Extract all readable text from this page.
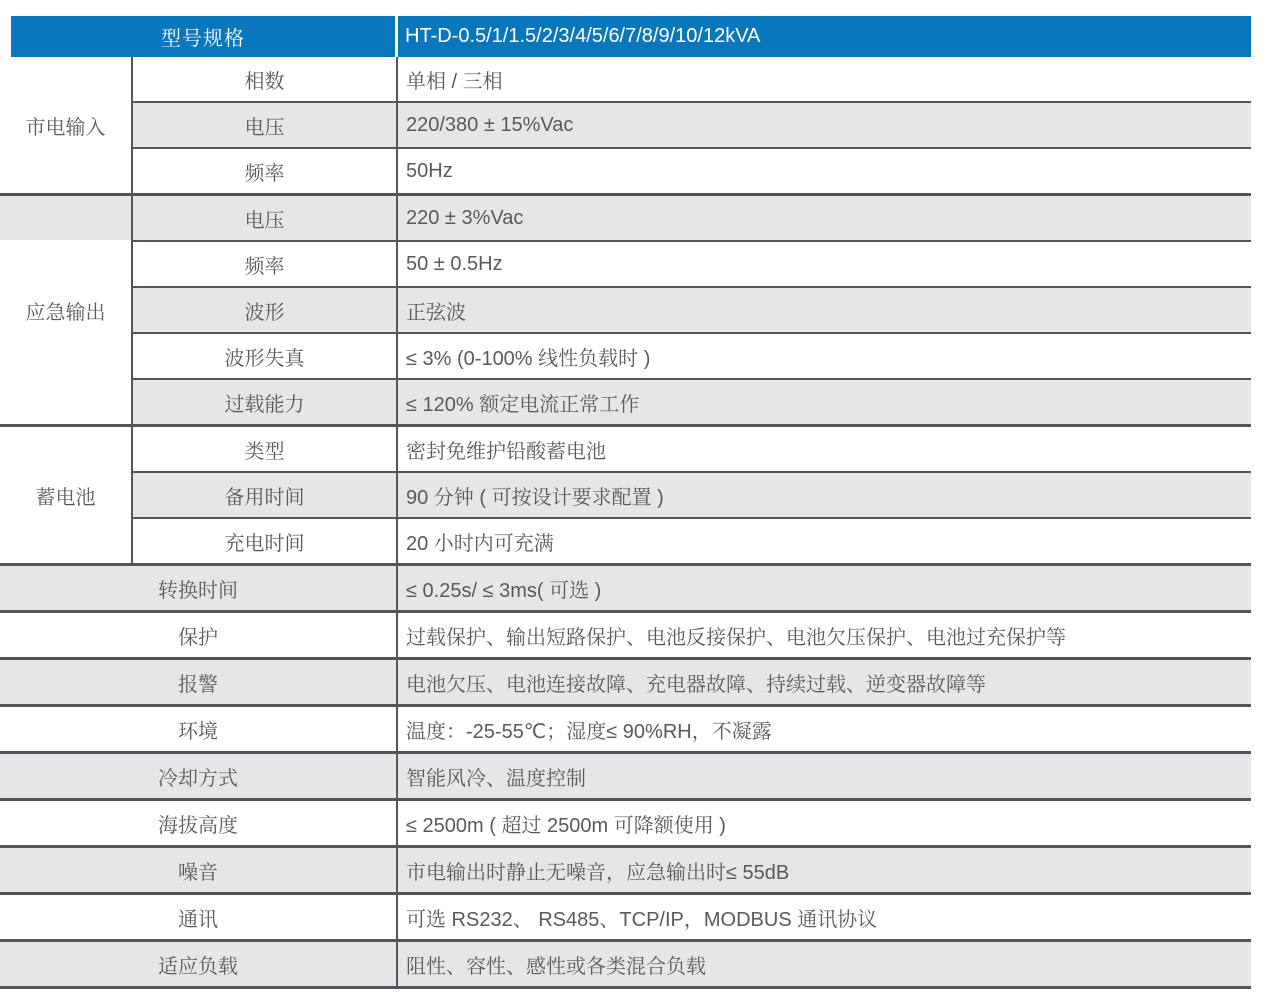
型号规格	HT-D-0.5/1/1.5/2/3/4/5/6/7/8/9/10/12kVA
市电输入
相数	单相 / 三相
电压	220/380 ± 15%Vac
频率	50Hz
应急输出
电压	220 ± 3%Vac
频率	50 ± 0.5Hz
波形	正弦波
波形失真	≤ 3% (0-100% 线性负载时 )
过载能力	≤ 120% 额定电流正常工作
蓄电池
类型	密封免维护铅酸蓄电池
备用时间	90 分钟 ( 可按设计要求配置 )
充电时间	20 小时内可充满
转换时间	≤ 0.25s/ ≤ 3ms( 可选 )
保护	过载保护、输出短路保护、电池反接保护、电池欠压保护、电池过充保护等
报警	电池欠压、电池连接故障、充电器故障、持续过载、逆变器故障等
环境	温度：-25-55℃；湿度≤ 90%RH，不凝露
冷却方式	智能风冷、温度控制
海拔高度	≤ 2500m ( 超过 2500m 可降额使用 )
噪音	市电输出时静止无噪音，应急输出时≤ 55dB
通讯	可选 RS232、 RS485、TCP/IP，MODBUS 通讯协议
适应负载	阻性、容性、感性或各类混合负载
